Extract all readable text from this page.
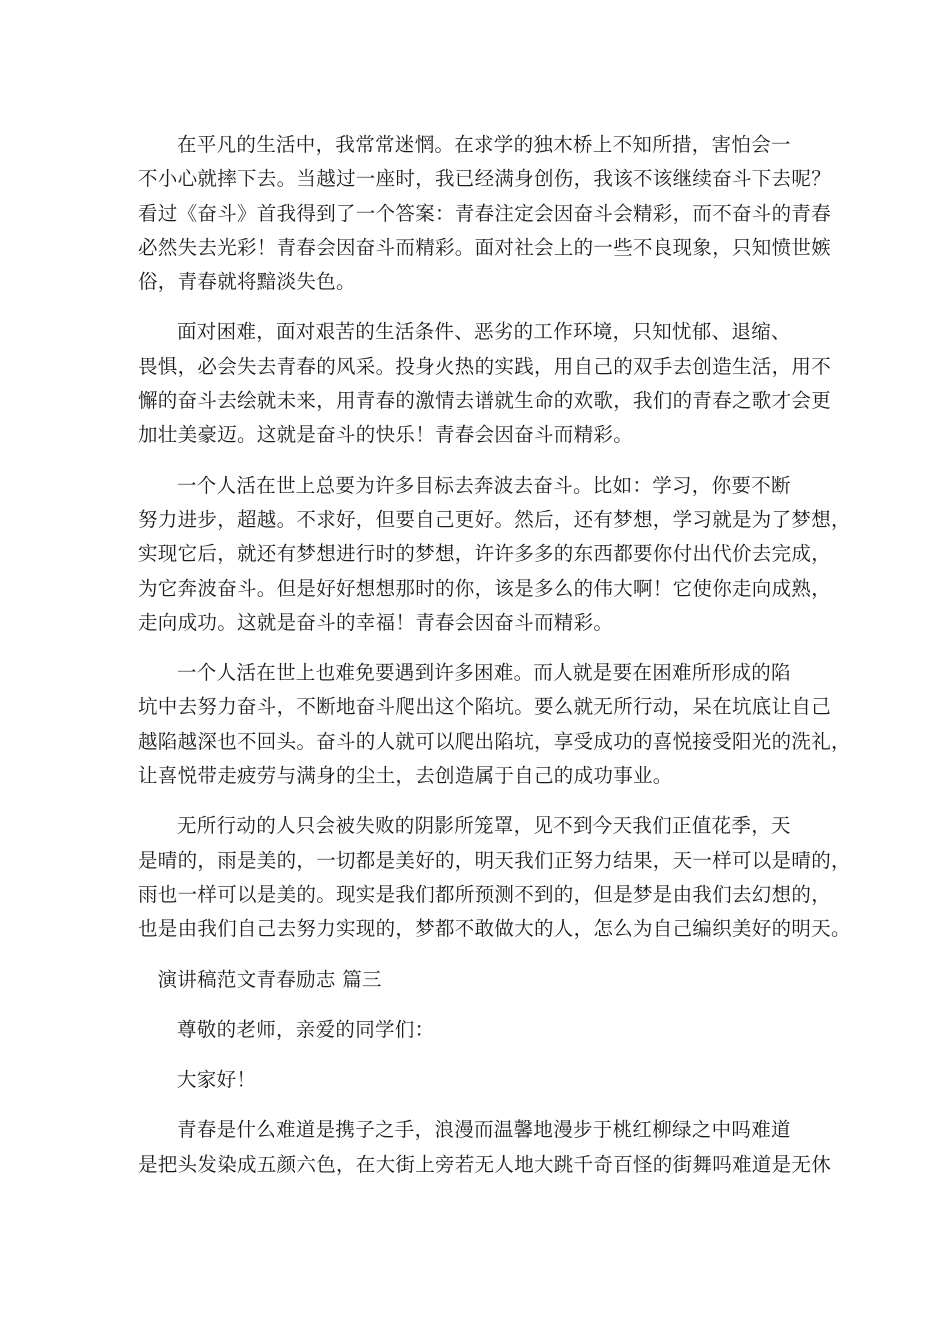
在平凡的生活中，我常常迷惘。在求学的独木桥上不知所措，害怕会一
不小心就摔下去。当越过一座时，我已经满身创伤，我该不该继续奋斗下去呢？
看过《奋斗》首我得到了一个答案：青春注定会因奋斗会精彩，而不奋斗的青春
必然失去光彩！青春会因奋斗而精彩。面对社会上的一些不良现象，只知愤世嫉
俗，青春就将黯淡失色。
面对困难，面对艰苦的生活条件、恶劣的工作环境，只知忧郁、退缩、
畏惧，必会失去青春的风采。投身火热的实践，用自己的双手去创造生活，用不
懈的奋斗去绘就未来，用青春的激情去谱就生命的欢歌，我们的青春之歌才会更
加壮美豪迈。这就是奋斗的快乐！青春会因奋斗而精彩。
一个人活在世上总要为许多目标去奔波去奋斗。比如：学习，你要不断
努力进步，超越。不求好，但要自己更好。然后，还有梦想，学习就是为了梦想，
实现它后，就还有梦想进行时的梦想，许许多多的东西都要你付出代价去完成，
为它奔波奋斗。但是好好想想那时的你，该是多么的伟大啊！它使你走向成熟，
走向成功。这就是奋斗的幸福！青春会因奋斗而精彩。
一个人活在世上也难免要遇到许多困难。而人就是要在困难所形成的陷
坑中去努力奋斗，不断地奋斗爬出这个陷坑。要么就无所行动，呆在坑底让自己
越陷越深也不回头。奋斗的人就可以爬出陷坑，享受成功的喜悦接受阳光的洗礼，
让喜悦带走疲劳与满身的尘土，去创造属于自己的成功事业。
无所行动的人只会被失败的阴影所笼罩，见不到今天我们正值花季，天
是晴的，雨是美的，一切都是美好的，明天我们正努力结果，天一样可以是晴的，
雨也一样可以是美的。现实是我们都所预测不到的，但是梦是由我们去幻想的，
也是由我们自己去努力实现的，梦都不敢做大的人，怎么为自己编织美好的明天。
演讲稿范文青春励志 篇三
尊敬的老师，亲爱的同学们：
大家好！
青春是什么难道是携子之手，浪漫而温馨地漫步于桃红柳绿之中吗难道
是把头发染成五颜六色，在大街上旁若无人地大跳千奇百怪的街舞吗难道是无休
